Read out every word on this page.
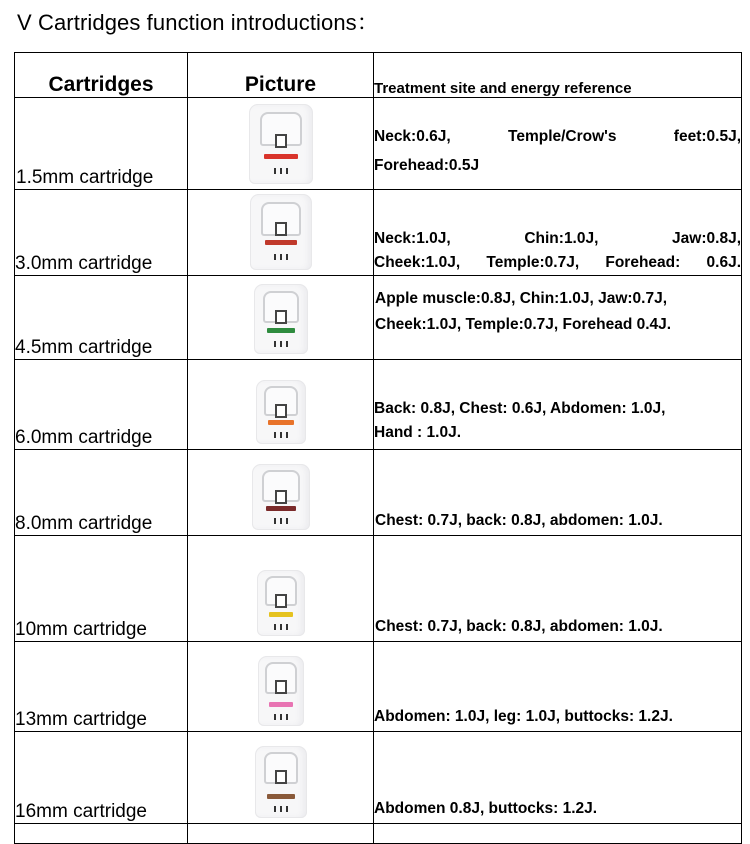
V Cartridges function introductions：
Cartridges	Picture	Treatment site and energy reference
1.5mm cartridge		Neck:0.6J, Temple/Crow's feet:0.5J,
Forehead:0.5J

3.0mm cartridge		Neck:1.0J, Chin:1.0J, Jaw:0.8J,
Cheek:1.0J, Temple:0.7J, Forehead: 0.6J.

4.5mm cartridge		Apple muscle:0.8J, Chin:1.0J, Jaw:0.7J,
Cheek:1.0J, Temple:0.7J, Forehead 0.4J.

6.0mm cartridge		Back: 0.8J, Chest: 0.6J, Abdomen: 1.0J,
Hand : 1.0J.

8.0mm cartridge		Chest: 0.7J, back: 0.8J, abdomen: 1.0J.

10mm cartridge		Chest: 0.7J, back: 0.8J, abdomen: 1.0J.

13mm cartridge		Abdomen: 1.0J, leg: 1.0J, buttocks: 1.2J.

16mm cartridge		Abdomen 0.8J, buttocks: 1.2J.
